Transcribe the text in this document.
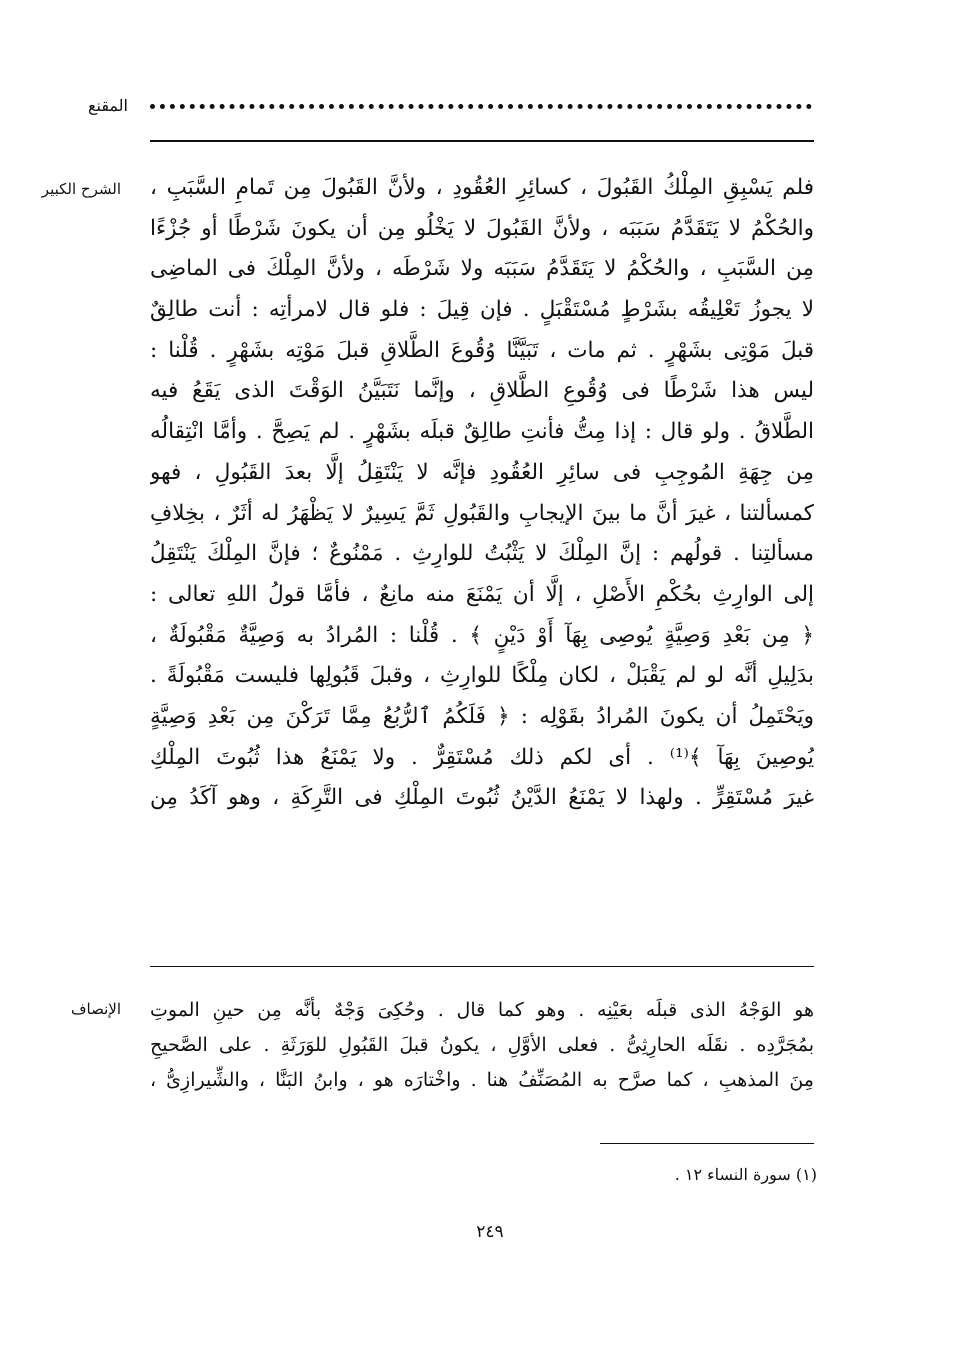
المقنع
الشرح الكبير فلم يَسْبِقِ المِلْكُ القَبُولَ ، كسائِرِ العُقُودِ ، ولأنَّ القَبُولَ مِن تَمامِ السَّبَبِ ،
والحُكْمُ لا يَتَقَدَّمُ سَبَبَه ، ولأنَّ القَبُولَ لا يَخْلُو مِن أن يكونَ شَرْطًا أو جُزْءًا
مِن السَّبَبِ ، والحُكْمُ لا يَتَقَدَّمُ سَبَبَه ولا شَرْطَه ، ولأنَّ المِلْكَ فى الماضِى
لا يجوزُ تَعْلِيقُه بشَرْطٍ مُسْتَقْبَلٍ . فإن قِيلَ : فلو قال لامرأتِه : أنت طالِقٌ
قبلَ مَوْتِى بشَهْرٍ . ثم مات ، تَبَيَّنَّا وُقُوعَ الطَّلاقِ قبلَ مَوْتِه بشَهْرٍ . قُلْنا :
ليس هذا شَرْطًا فى وُقُوعِ الطَّلاقِ ، وإنَّما نَتَبَيَّنُ الوَقْتَ الذى يَقَعُ فيه
الطَّلاقُ . ولو قال : إذا مِتُّ فأنتِ طالِقٌ قبلَه بشَهْرٍ . لم يَصِحَّ . وأمَّا انْتِقالُه
مِن جِهَةِ المُوجِبِ فى سائِرِ العُقُودِ فإنَّه لا يَنْتَقِلُ إلَّا بعدَ القَبُولِ ، فهو
كمسألتنا ، غيرَ أنَّ ما بينَ الإيجابِ والقَبُولِ ثَمَّ يَسِيرٌ لا يَظْهَرُ له أثَرٌ ، بخِلافِ
مسألتِنا . قولُهم : إنَّ المِلْكَ لا يَثْبُتُ للوارِثِ . مَمْنُوعٌ ؛ فإنَّ المِلْكَ يَنْتَقِلُ
إلى الوارِثِ بحُكْمِ الأَصْلِ ، إلَّا أن يَمْنَعَ منه مانِعٌ ، فأمَّا قولُ اللهِ تعالى :
﴿ مِن بَعْدِ وَصِيَّةٍ يُوصِى بِهَآ أَوْ دَيْنٍ ﴾ . قُلْنا : المُرادُ به وَصِيَّةٌ مَقْبُولَةٌ ،
بدَلِيلِ أنَّه لو لم يَقْبَلْ ، لكان مِلْكًا للوارِثِ ، وقبلَ قَبُولِها فليست مَقْبُولَةً .
ويَحْتَمِلُ أن يكونَ المُرادُ بقَوْلِه : ﴿ فَلَكُمُ ٱلرُّبُعُ مِمَّا تَرَكْنَ مِن بَعْدِ وَصِيَّةٍ
يُوصِينَ بِهَآ ﴾⁽¹⁾ . أى لكم ذلك مُسْتَقِرٌّ . ولا يَمْنَعُ هذا ثُبُوتَ المِلْكِ
غيرَ مُسْتَقِرٍّ . ولهذا لا يَمْنَعُ الدَّيْنُ ثُبُوتَ المِلْكِ فى التَّرِكَةِ ، وهو آكَدُ مِن
الإنصاف هو الوَجْهُ الذى قبلَه بعَيْنِه . وهو كما قال . وحُكِىَ وَجْهٌ بأنَّه مِن حينِ الموتِ
بمُجَرَّدِه . نقَلَه الحارِثِىُّ . فعلى الأوَّلِ ، يكونُ قبلَ القَبُولِ للوَرَثَةِ . على الصَّحيحِ
مِنَ المذهبِ ، كما صرَّح به المُصَنِّفُ هنا . واخْتارَه هو ، وابنُ البَنَّا ، والشِّيرازِىُّ ،
(١) سورة النساء ١٢ .
٢٤٩
